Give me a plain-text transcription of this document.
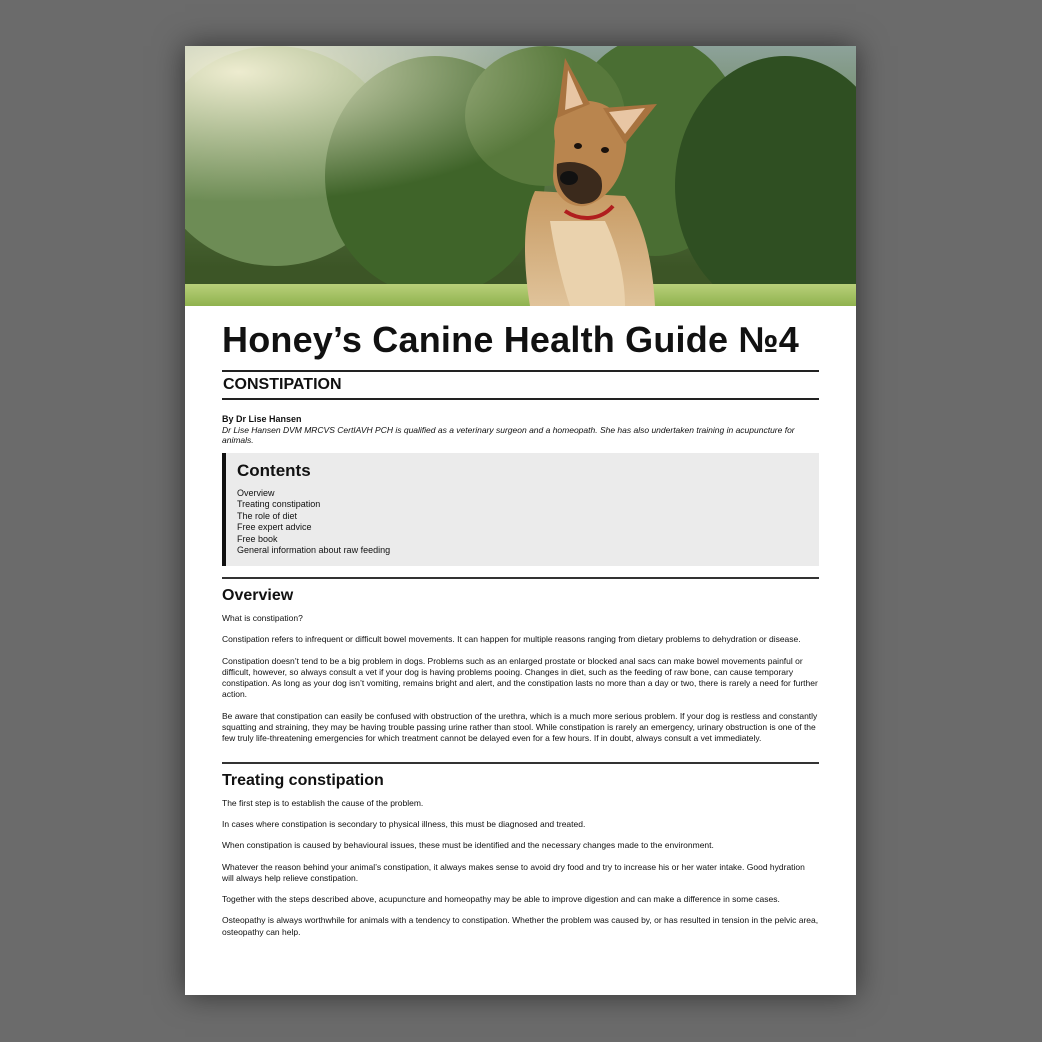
Honey’s Canine Health Guide №4
CONSTIPATION
By Dr Lise Hansen
Dr Lise Hansen DVM MRCVS CertIAVH PCH is qualified as a veterinary surgeon and a homeopath. She has also undertaken training in acupuncture for animals.
Contents
Overview
Treating constipation
The role of diet
Free expert advice
Free book
General information about raw feeding
Overview

What is constipation?

Constipation refers to infrequent or difficult bowel movements. It can happen for multiple reasons ranging from dietary problems to dehydration or disease.

Constipation doesn’t tend to be a big problem in dogs. Problems such as an enlarged prostate or blocked anal sacs can make bowel movements painful or difficult, however, so always consult a vet if your dog is having problems pooing. Changes in diet, such as the feeding of raw bone, can cause temporary constipation. As long as your dog isn’t vomiting, remains bright and alert, and the constipation lasts no more than a day or two, there is rarely a need for further action.

Be aware that constipation can easily be confused with obstruction of the urethra, which is a much more serious problem. If your dog is restless and constantly squatting and straining, they may be having trouble passing urine rather than stool. While constipation is rarely an emergency, urinary obstruction is one of the few truly life-threatening emergencies for which treatment cannot be delayed even for a few hours. If in doubt, always consult a vet immediately.

Treating constipation

The first step is to establish the cause of the problem.

In cases where constipation is secondary to physical illness, this must be diagnosed and treated.

When constipation is caused by behavioural issues, these must be identified and the necessary changes made to the environment.

Whatever the reason behind your animal’s constipation, it always makes sense to avoid dry food and try to increase his or her water intake. Good hydration will always help relieve constipation.

Together with the steps described above, acupuncture and homeopathy may be able to improve digestion and can make a difference in some cases.

Osteopathy is always worthwhile for animals with a tendency to constipation. Whether the problem was caused by, or has resulted in tension in the pelvic area, osteopathy can help.
